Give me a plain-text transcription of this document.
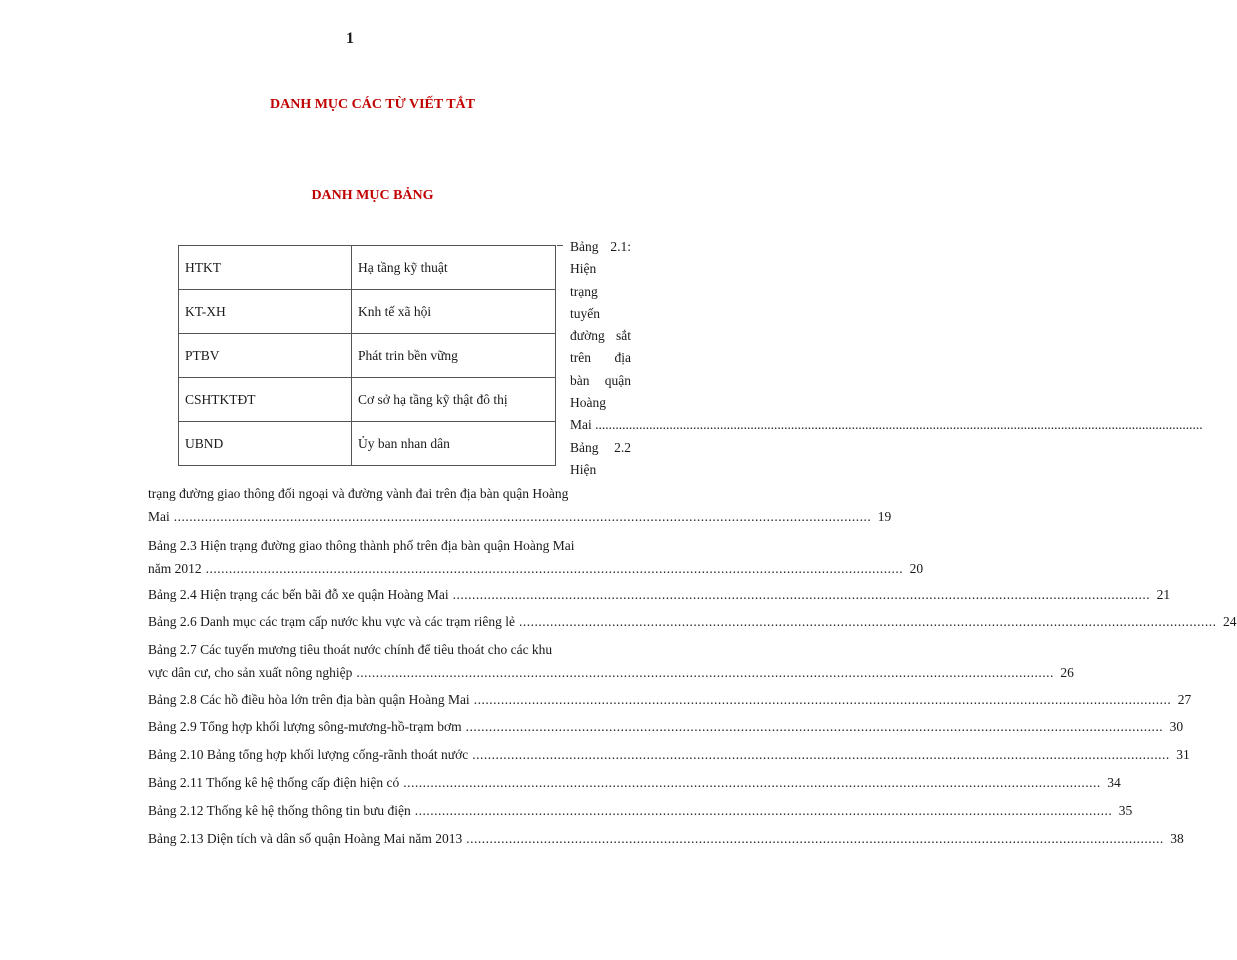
1
DANH MỤC CÁC TỪ VIẾT TẮT
DANH MỤC BẢNG
HTKT	Hạ tầng kỹ thuật
KT-XH	Knh tế xã hội
PTBV	Phát trin bền vững
CSHTKTĐT	Cơ sở hạ tầng kỹ thật đô thị
UBND	Ủy ban nhan dân
Bảng 2.1:
Hiện
trạng
tuyến
đường sắt
trên địa
bàn quận
Hoàng
Mai ....................................................................................................................................................................................
Bảng 2.2
Hiện
trạng đường giao thông đối ngoại và đường vành đai trên địa bàn quận Hoàng
Mai .................................................................................................................................................................................... 19
Bảng 2.3 Hiện trạng đường giao thông thành phố trên địa bàn quận Hoàng Mai
năm 2012 .................................................................................................................................................................................... 20
Bảng 2.4 Hiện trạng các bến bãi đỗ xe quận Hoàng Mai .................................................................................................................................................................................... 21
Bảng 2.6 Danh mục các trạm cấp nước khu vực và các trạm riêng lẻ .................................................................................................................................................................................... 24
Bảng 2.7 Các tuyến mương tiêu thoát nước chính để tiêu thoát cho các khu
vực dân cư, cho sản xuất nông nghiệp .................................................................................................................................................................................... 26
Bảng 2.8 Các hồ điều hòa lớn trên địa bàn quận Hoàng Mai .................................................................................................................................................................................... 27
Bảng 2.9 Tổng hợp khối lượng sông-mương-hồ-trạm bơm .................................................................................................................................................................................... 30
Bảng 2.10 Bảng tổng hợp khối lượng cống-rãnh thoát nước .................................................................................................................................................................................... 31
Bảng 2.11 Thống kê hệ thống cấp điện hiện có .................................................................................................................................................................................... 34
Bảng 2.12 Thống kê hệ thống thông tin bưu điện .................................................................................................................................................................................... 35
Bảng 2.13 Diện tích và dân số quận Hoàng Mai năm 2013 .................................................................................................................................................................................... 38
